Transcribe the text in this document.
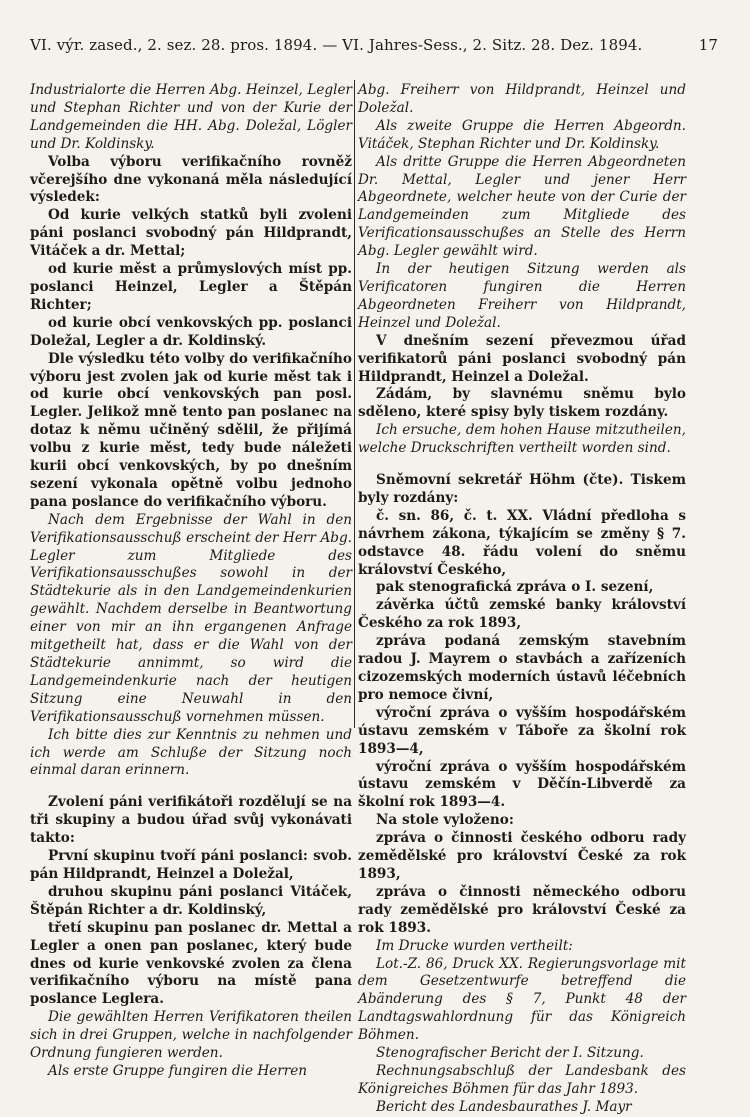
VI. výr. zased., 2. sez. 28. pros. 1894. — VI. Jahres-Sess., 2. Sitz. 28. Dez. 1894.	17

Industrialorte die Herren Abg. Heinzel, Legler und Stephan Richter und von der Kurie der Landgemeinden die HH. Abg. Doležal, Lögler und Dr. Koldinsky.

Volba výboru verifikačního rovněž včerejšího dne vykonaná měla následující výsledek:

Od kurie velkých statků byli zvoleni páni poslanci svobodný pán Hildprandt, Vitáček a dr. Mettal;

od kurie měst a průmyslových míst pp. poslanci Heinzel, Legler a Štěpán Richter;

od kurie obcí venkovských pp. poslanci Doležal, Legler a dr. Koldinský.

Dle výsledku této volby do verifikačního výboru jest zvolen jak od kurie měst tak i od kurie obcí venkovských pan posl. Legler. Jelikož mně tento pan poslanec na dotaz k němu učiněný sdělil, že přijímá volbu z kurie měst, tedy bude náležeti kurii obcí venkovských, by po dnešním sezení vykonala opětně volbu jednoho pana poslance do verifikačního výboru.

Nach dem Ergebnisse der Wahl in den Verifikationsausschuß erscheint der Herr Abg. Legler zum Mitgliede des Verifikationsausschußes sowohl in der Städtekurie als in den Landgemeindenkurien gewählt. Nachdem derselbe in Beantwortung einer von mir an ihn ergangenen Anfrage mitgetheilt hat, dass er die Wahl von der Städtekurie annimmt, so wird die Landgemeindenkurie nach der heutigen Sitzung eine Neuwahl in den Verifikationsausschuß vornehmen müssen.

Ich bitte dies zur Kenntnis zu nehmen und ich werde am Schluße der Sitzung noch einmal daran erinnern.

Zvolení páni verifikátoři rozdělují se na tři skupiny a budou úřad svůj vykonávati takto:

První skupinu tvoří páni poslanci: svob. pán Hildprandt, Heinzel a Doležal,

druhou skupinu páni poslanci Vitáček, Štěpán Richter a dr. Koldinský,

třetí skupinu pan poslanec dr. Mettal a Legler a onen pan poslanec, který bude dnes od kurie venkovské zvolen za člena verifikačního výboru na místě pana poslance Leglera.

Die gewählten Herren Verifikatoren theilen sich in drei Gruppen, welche in nachfolgender Ordnung fungieren werden.

Als erste Gruppe fungiren die Herren

Abg. Freiherr von Hildprandt, Heinzel und Doležal.

Als zweite Gruppe die Herren Abgeordn. Vitáček, Stephan Richter und Dr. Koldinsky.

Als dritte Gruppe die Herren Abgeordneten Dr. Mettal, Legler und jener Herr Abgeordnete, welcher heute von der Curie der Landgemeinden zum Mitgliede des Verificationsausschußes an Stelle des Herrn Abg. Legler gewählt wird.

In der heutigen Sitzung werden als Verificatoren fungiren die Herren Abgeordneten Freiherr von Hildprandt, Heinzel und Doležal.

V dnešním sezení převezmou úřad verifikatorů páni poslanci svobodný pán Hildprandt, Heinzel a Doležal.

Zádám, by slavnému sněmu bylo sděleno, které spisy byly tiskem rozdány.

Ich ersuche, dem hohen Hause mitzutheilen, welche Druckschriften vertheilt worden sind.

Sněmovní sekretář Höhm (čte). Tiskem byly rozdány:

č. sn. 86, č. t. XX. Vládní předloha s návrhem zákona, týkajícím se změny § 7. odstavce 48. řádu volení do sněmu království Českého,

pak stenografická zpráva o I. sezení,

závěrka účtů zemské banky království Českého za rok 1893,

zpráva podaná zemským stavebním radou J. Mayrem o stavbách a zařízeních cizozemských moderních ústavů léčebních pro nemoce čivní,

výroční zpráva o vyšším hospodářském ústavu zemském v Táboře za školní rok 1893—4,

výroční zpráva o vyšším hospodářském ústavu zemském v Děčín-Libverdě za školní rok 1893—4.

Na stole vyloženo:

zpráva o činnosti českého odboru rady zemědělské pro království České za rok 1893,

zpráva o činnosti německého odboru rady zemědělské pro království České za rok 1893.

Im Drucke wurden vertheilt:

Lot.-Z. 86, Druck XX. Regierungsvorlage mit dem Gesetzentwurfe betreffend die Abänderung des § 7, Punkt 48 der Landtagswahlordnung für das Königreich Böhmen.

Stenografischer Bericht der I. Sitzung.

Rechnungsabschluß der Landesbank des Königreiches Böhmen für das Jahr 1893.

Bericht des Landesbaurathes J. Mayr
